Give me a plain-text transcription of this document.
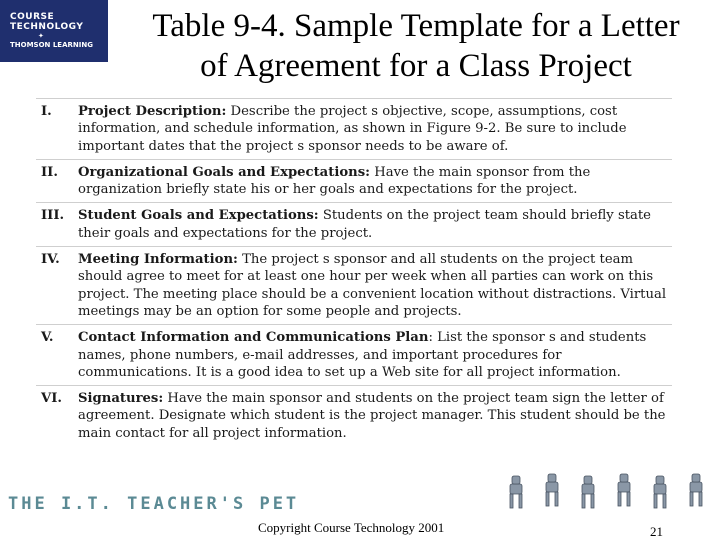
COURSE
TECHNOLOGY
✦
THOMSON LEARNING
Table 9-4. Sample Template for a Letter
of Agreement for a Class Project
I.	Project Description: Describe the project s objective, scope, assumptions, cost information, and schedule information, as shown in Figure 9-2. Be sure to include important dates that the project s sponsor needs to be aware of.
II.	Organizational Goals and Expectations: Have the main sponsor from the organization briefly state his or her goals and expectations for the project.
III.	Student Goals and Expectations: Students on the project team should briefly state their goals and expectations for the project.
IV.	Meeting Information: The project s sponsor and all students on the project team should agree to meet for at least one hour per week when all parties can work on this project. The meeting place should be a convenient location without distractions. Virtual meetings may be an option for some people and projects.
V.	Contact Information and Communications Plan: List the sponsor s and students names, phone numbers, e-mail addresses, and important procedures for communications. It is a good idea to set up a Web site for all project information.
VI.	Signatures: Have the main sponsor and students on the project team sign the letter of agreement. Designate which student is the project manager. This student should be the main contact for all project information.
THE I.T. TEACHER'S PET
Copyright Course Technology 2001	21
